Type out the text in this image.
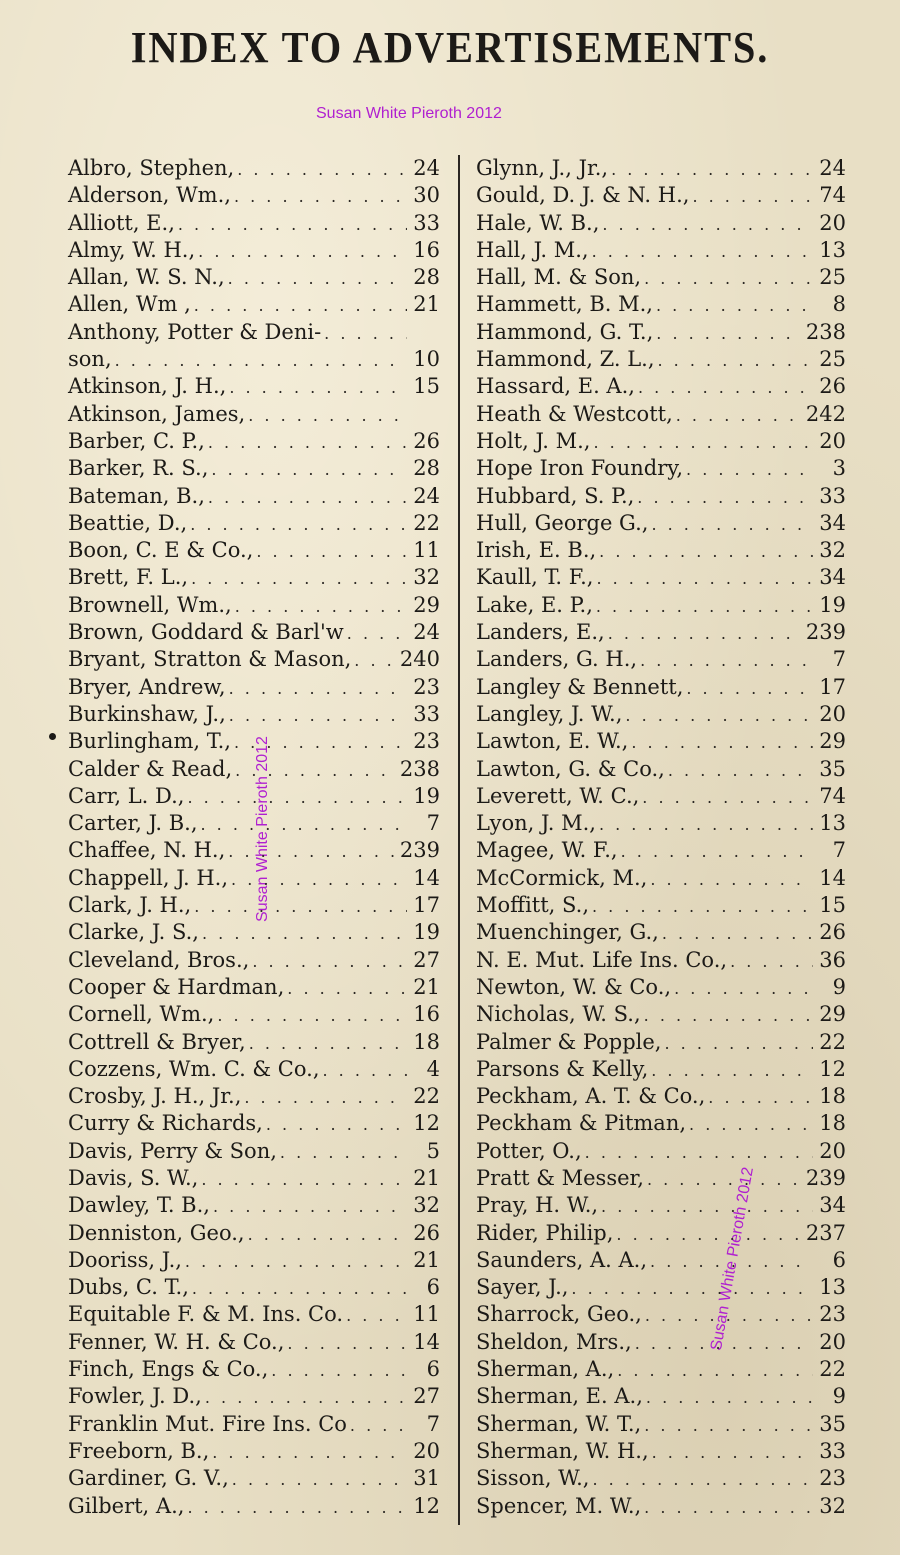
INDEX TO ADVERTISEMENTS.
Susan White Pieroth 2012
Susan White Pieroth 2012
Susan White Pieroth 2012
Albro, Stephen, . . .	24
Alderson, Wm., . . .	30
Alliott, E., . . .	33
Almy, W. H., . . .	16
Allan, W. S. N., . . .	28
Allen, Wm , . . .	21
Anthony, Potter & Deni-
. . .
son, . . .	10
Atkinson, J. H., . . .	15
Atkinson, James,
. . .
Barber, C. P., . . .	26
Barker, R. S., . . .	28
Bateman, B., . . .	24
Beattie, D., . . .	22
Boon, C. E & Co., . . .	11
Brett, F. L., . . .	32
Brownell, Wm., . . .	29
Brown, Goddard & Barl'w . . .	24
Bryant, Stratton & Mason, . . . 240
Bryer, Andrew, . . .	23
Burkinshaw, J., . . .	33
Burlingham, T., . . .	23
Calder & Read, . . .	238
Carr, L. D., . . .	19
Carter, J. B., . . .	7
Chaffee, N. H., . . .	239
Chappell, J. H., . . .	14
Clark, J. H., . . .	17
Clarke, J. S., . . .	19
Cleveland, Bros., . . .	27
Cooper & Hardman, . . .	21
Cornell, Wm., . . .	16
Cottrell & Bryer, . . .	18
Cozzens, Wm. C. & Co., . . .	4
Crosby, J. H., Jr., . . .	22
Curry & Richards, . . .	12
Davis, Perry & Son, . . .	5
Davis, S. W., . . .	21
Dawley, T. B., . . .	32
Denniston, Geo., . . .	26
Dooriss, J., . . .	21
Dubs, C. T., . . .	6
Equitable F. & M. Ins. Co. . . .	11
Fenner, W. H. & Co., . . .	14
Finch, Engs & Co., . . .	6
Fowler, J. D., . . .	27
Franklin Mut. Fire Ins. Co . . .	7
Freeborn, B., . . .	20
Gardiner, G. V., . . .	31
Gilbert, A., . . .	12
Glynn, J., Jr., . . .	24
Gould, D. J. & N. H., . . .	74
Hale, W. B., . . .	20
Hall, J. M., . . .	13
Hall, M. & Son, . . .	25
Hammett, B. M., . . .	8
Hammond, G. T., . . .	238
Hammond, Z. L., . . .	25
Hassard, E. A., . . .	26
Heath & Westcott, . . .	242
Holt, J. M., . . .	20
Hope Iron Foundry, . . .	3
Hubbard, S. P., . . .	33
Hull, George G., . . .	34
Irish, E. B., . . .	32
Kaull, T. F., . . .	34
Lake, E. P., . . .	19
Landers, E., . . .	239
Landers, G. H., . . .	7
Langley & Bennett, . . .	17
Langley, J. W., . . .	20
Lawton, E. W., . . .	29
Lawton, G. & Co., . . .	35
Leverett, W. C., . . .	74
Lyon, J. M., . . .	13
Magee, W. F., . . .	7
McCormick, M., . . .	14
Moffitt, S., . . .	15
Muenchinger, G., . . .	26
N. E. Mut. Life Ins. Co., . . .	36
Newton, W. & Co., . . .	9
Nicholas, W. S., . . .	29
Palmer & Popple, . . .	22
Parsons & Kelly, . . .	12
Peckham, A. T. & Co., . . .	18
Peckham & Pitman, . . .	18
Potter, O., . . .	20
Pratt & Messer, . . .	239
Pray, H. W., . . .	34
Rider, Philip, . . .	237
Saunders, A. A., . . .	6
Sayer, J., . . .	13
Sharrock, Geo., . . .	23
Sheldon, Mrs., . . .	20
Sherman, A., . . .	22
Sherman, E. A., . . .	9
Sherman, W. T., . . .	35
Sherman, W. H., . . .	33
Sisson, W., . . .	23
Spencer, M. W., . . .	32
